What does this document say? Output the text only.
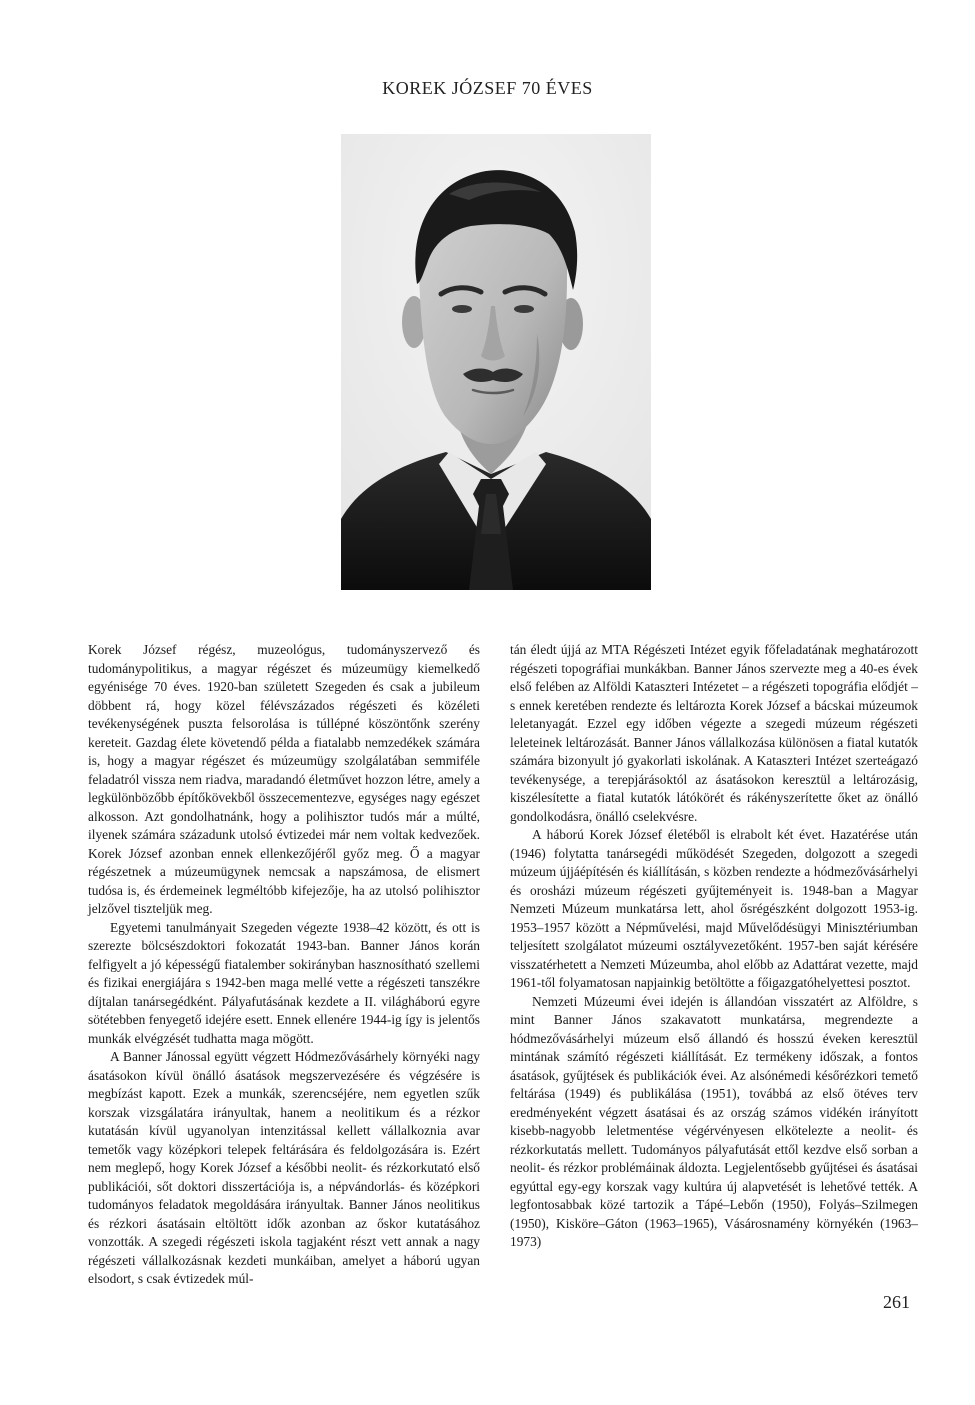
KOREK JÓZSEF 70 ÉVES

Korek József régész, muzeológus, tudományszervező és tudománypolitikus, a magyar régészet és múzeumügy kiemelkedő egyénisége 70 éves. 1920-ban született Szegeden és csak a jubileum döbbent rá, hogy közel félévszázados régészeti és közéleti tevékenységének puszta felsorolása is túllépné köszöntőnk szerény kereteit. Gazdag élete követendő példa a fiatalabb nemzedékek számára is, hogy a magyar régészet és múzeumügy szolgálatában semmiféle feladatról vissza nem riadva, maradandó életművet hozzon létre, amely a legkülönbözőbb építőkövekből összecementezve, egységes nagy egészet alkosson. Azt gondolhatnánk, hogy a polihisztor tudós már a múlté, ilyenek számára századunk utolsó évtizedei már nem voltak kedvezőek. Korek József azonban ennek ellenkezőjéről győz meg. Ő a magyar régészetnek a múzeumügynek nemcsak a napszámosa, de elismert tudósa is, és érdemeinek legméltóbb kifejezője, ha az utolsó polihisztor jelzővel tiszteljük meg.

Egyetemi tanulmányait Szegeden végezte 1938–42 között, és ott is szerezte bölcsészdoktori fokozatát 1943-ban. Banner János korán felfigyelt a jó képességű fiatalember sokirányban hasznosítható szellemi és fizikai energiájára s 1942-ben maga mellé vette a régészeti tanszékre díjtalan tanársegédként. Pályafutásának kezdete a II. világháború egyre sötétebben fenyegető idejére esett. Ennek ellenére 1944-ig így is jelentős munkák elvégzését tudhatta maga mögött.

A Banner Jánossal együtt végzett Hódmezővásárhely környéki nagy ásatásokon kívül önálló ásatások megszervezésére és végzésére is megbízást kapott. Ezek a munkák, szerencséjére, nem egyetlen szűk korszak vizsgálatára irányultak, hanem a neolitikum és a rézkor kutatásán kívül ugyanolyan intenzitással kellett vállalkoznia avar temetők vagy középkori telepek feltárására és feldolgozására is. Ezért nem meglepő, hogy Korek József a későbbi neolit- és rézkorkutató első publikációi, sőt doktori disszertációja is, a népvándorlás- és középkori tudományos feladatok megoldására irányultak. Banner János neolitikus és rézkori ásatásain eltöltött idők azonban az őskor kutatásához vonzották. A szegedi régészeti iskola tagjaként részt vett annak a nagy régészeti vállalkozásnak kezdeti munkáiban, amelyet a háború ugyan elsodort, s csak évtizedek múl-

tán éledt újjá az MTA Régészeti Intézet egyik főfeladatának meghatározott régészeti topográfiai munkákban. Banner János szervezte meg a 40-es évek első felében az Alföldi Kataszteri Intézetet – a régészeti topográfia elődjét – s ennek keretében rendezte és leltározta Korek József a bácskai múzeumok leletanyagát. Ezzel egy időben végezte a szegedi múzeum régészeti leleteinek leltározását. Banner János vállalkozása különösen a fiatal kutatók számára bizonyult jó gyakorlati iskolának. A Kataszteri Intézet szerteágazó tevékenysége, a terepjárásoktól az ásatásokon keresztül a leltározásig, kiszélesítette a fiatal kutatók látókörét és rákényszerítette őket az önálló gondolkodásra, önálló cselekvésre.

A háború Korek József életéből is elrabolt két évet. Hazatérése után (1946) folytatta tanársegédi működését Szegeden, dolgozott a szegedi múzeum újjáépítésén és kiállításán, s közben rendezte a hódmezővásárhelyi és orosházi múzeum régészeti gyűjteményeit is. 1948-ban a Magyar Nemzeti Múzeum munkatársa lett, ahol ősrégészként dolgozott 1953-ig. 1953–1957 között a Népművelési, majd Művelődésügyi Minisztériumban teljesített szolgálatot múzeumi osztályvezetőként. 1957-ben saját kérésére visszatérhetett a Nemzeti Múzeumba, ahol előbb az Adattárat vezette, majd 1961-től folyamatosan napjainkig betöltötte a főigazgatóhelyettesi posztot.

Nemzeti Múzeumi évei idején is állandóan visszatért az Alföldre, s mint Banner János szakavatott munkatársa, megrendezte a hódmezővásárhelyi múzeum első állandó és hosszú éveken keresztül mintának számító régészeti kiállítását. Ez termékeny időszak, a fontos ásatások, gyűjtések és publikációk évei. Az alsónémedi későrézkori temető feltárása (1949) és publikálása (1951), továbbá az első ötéves terv eredményeként végzett ásatásai és az ország számos vidékén irányított kisebb-nagyobb leletmentése végérvényesen elkötelezte a neolit- és rézkorkutatás mellett. Tudományos pályafutását ettől kezdve első sorban a neolit- és rézkor problémáinak áldozta. Legjelentősebb gyűjtései és ásatásai egyúttal egy-egy korszak vagy kultúra új alapvetését is lehetővé tették. A legfontosabbak közé tartozik a Tápé–Lebőn (1950), Folyás–Szilmegen (1950), Kisköre–Gáton (1963–1965), Vásárosnamény környékén (1963–1973)

261
